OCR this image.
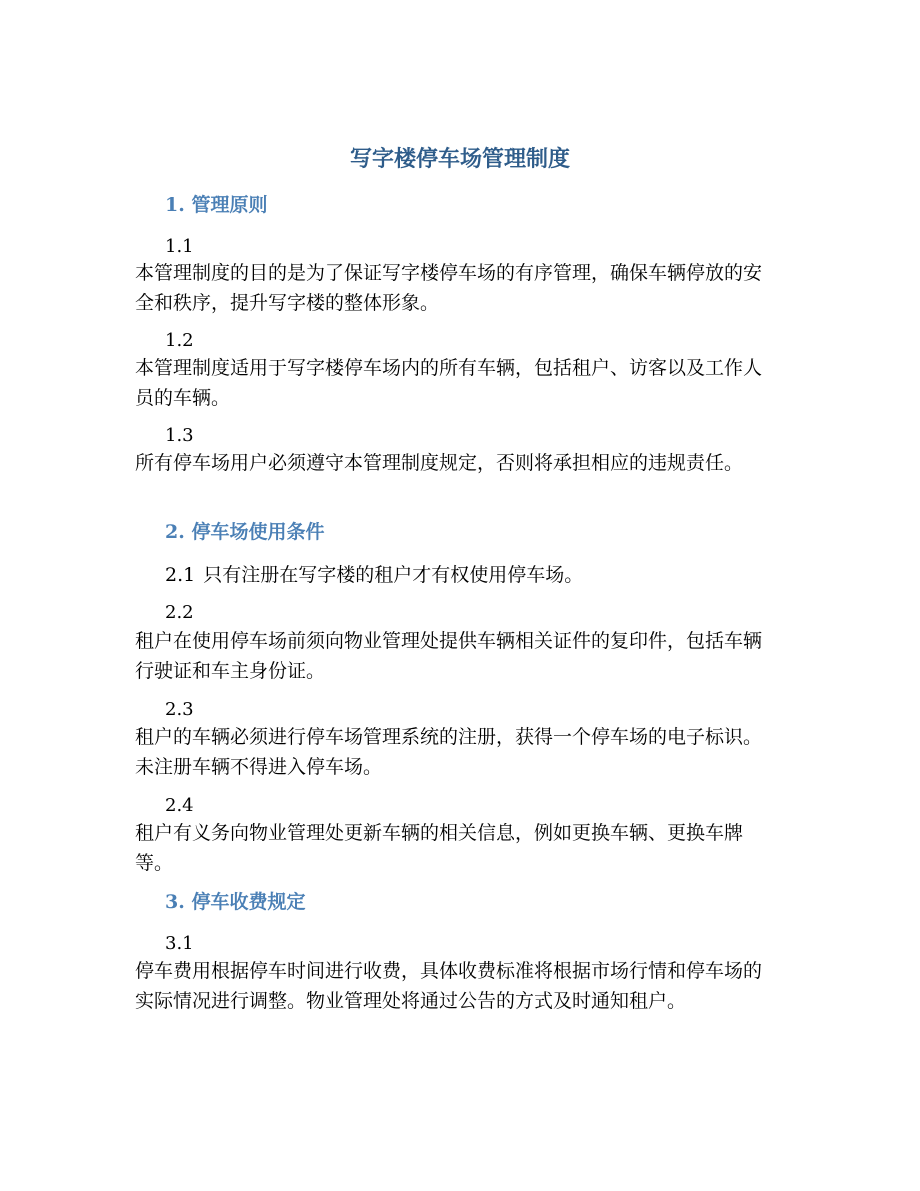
写字楼停车场管理制度
1. 管理原则
1.1
本管理制度的目的是为了保证写字楼停车场的有序管理，确保车辆停放的安全和秩序，提升写字楼的整体形象。
1.2
本管理制度适用于写字楼停车场内的所有车辆，包括租户、访客以及工作人员的车辆。
1.3
所有停车场用户必须遵守本管理制度规定，否则将承担相应的违规责任。
2. 停车场使用条件
2.1 只有注册在写字楼的租户才有权使用停车场。
2.2
租户在使用停车场前须向物业管理处提供车辆相关证件的复印件，包括车辆行驶证和车主身份证。
2.3
租户的车辆必须进行停车场管理系统的注册，获得一个停车场的电子标识。未注册车辆不得进入停车场。
2.4
租户有义务向物业管理处更新车辆的相关信息，例如更换车辆、更换车牌等。
3. 停车收费规定
3.1
停车费用根据停车时间进行收费，具体收费标准将根据市场行情和停车场的实际情况进行调整。物业管理处将通过公告的方式及时通知租户。
